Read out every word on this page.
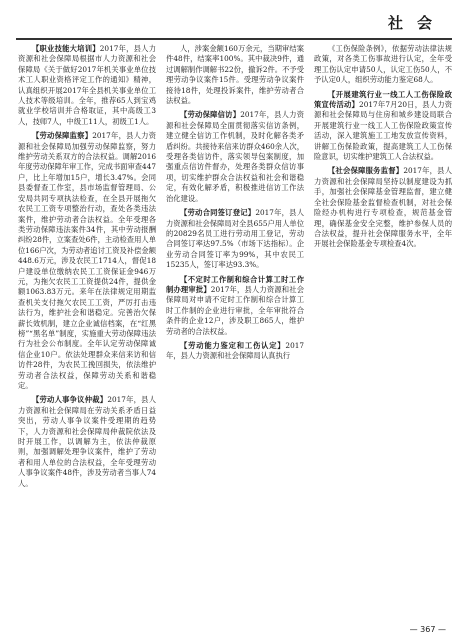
社会

【职业技能大培训】2017年，县人力资源和社会保障局根据市人力资源和社会保障局《关于做好2017年机关事业单位技术工人职业资格评定工作的通知》精神，认真组织开展2017年全县机关事业单位工人技术等级培训。全年，推荐65人到宝鸡就业学校培训并合格取证，其中高级工3人，技师7人，中级工11人，初级工1人。

【劳动保障监察】2017年，县人力资源和社会保障局加强劳动保障监察，努力维护劳动关系双方的合法权益。调解2016年度劳动保障年审工作，完成书面审查447户，比上年增加15户，增长3.47%。会同县委督查工作室，县市场监督管理局、公安局共同专项执法检查，在全县开展拖欠农民工工资专项整治行动，查处各类违法案件，维护劳动者合法权益。全年受理各类劳动保障违法案件34件，其中劳动报酬纠纷28件，立案查处6件，主动检查用人单位166户次，为劳动者追讨工资及补偿金额448.6万元，涉及农民工1714人，督促18户建设单位缴纳农民工工资保证金946万元，为拖欠农民工工资提供24件，提供金额1063.83万元。来年在法律规定用期监查机关支付拖欠农民工工资，严厉打击违法行为，维护社会和谐稳定。完善治欠保薪长效机制，建立企业诚信档案，在“红黑榜”“黑名单”制度，实施重大劳动保障违法行为社会公布制度。全年认定劳动保障诚信企业10户。依法处理群众来信来访和信访件28件，为农民工挽回损失，依法维护劳动者合法权益，保障劳动关系和谐稳定。

【劳动人事争议仲裁】2017年，县人力资源和社会保障局在劳动关系矛盾日益突出，劳动人事争议案件受理期的趋势下，人力资源和社会保障局仲裁院依法及时开展工作，以调解为主，依法仲裁原则，加强调解处理争议案件，维护了劳动者和用人单位的合法权益，全年受理劳动人事争议案件48件，涉及劳动者当事人74人。

人，涉案金额160万余元，当期审结案件48件，结案率100%。其中裁决9件，通过调解制作调解书22份，撤诉2件。不予受理劳动争议案件15件。受理劳动争议案件接待18件，处理投诉案件，维护劳动者合法权益。

【劳动保障信访】2017年，县人力资源和社会保障局全面贯彻落实信访条例，建立健全信访工作机制，及时化解各类矛盾纠纷。共接待来信来访群众460余人次，受理各类信访件，落实领导包案制度，加强重点信访件督办，处理各类群众信访事项，切实维护群众合法权益和社会和谐稳定，有效化解矛盾，积极推进信访工作法治化建设。

【劳动合同签订登记】2017年，县人力资源和社会保障局对全县655户用人单位的20829名员工进行劳动用工登记，劳动合同签订率达97.5%（市场下达指标）。企业劳动合同签订率为99%，其中农民工15235人，签订率达93.3%。

【不定时工作制和综合计算工时工作制办理审批】2017年，县人力资源和社会保障局对申请不定时工作制和综合计算工时工作制的企业进行审批，全年审批符合条件的企业12户，涉及职工865人，维护劳动者的合法权益。

【劳动能力鉴定和工伤认定】2017年，县人力资源和社会保障局认真执行

《工伤保险条例》，依据劳动法律法规政策，对各类工伤事故进行认定，全年受理工伤认定申请50人，认定工伤50人，不予认定0人，组织劳动能力鉴定68人。

【开展建筑行业一线工人工伤保险政策宣传活动】2017年7月20日，县人力资源和社会保障局与住房和城乡建设局联合开展建筑行业一线工人工伤保险政策宣传活动，深入建筑施工工地发放宣传资料，讲解工伤保险政策，提高建筑工人工伤保险意识，切实维护建筑工人合法权益。

【社会保障服务监督】2017年，县人力资源和社会保障局坚持以制度建设为抓手，加强社会保障基金管理监督，建立健全社会保险基金监督检查机制，对社会保险经办机构进行专项检查，规范基金管理，确保基金安全完整，维护参保人员的合法权益，提升社会保障服务水平，全年开展社会保险基金专项检查4次。

— 367 —
